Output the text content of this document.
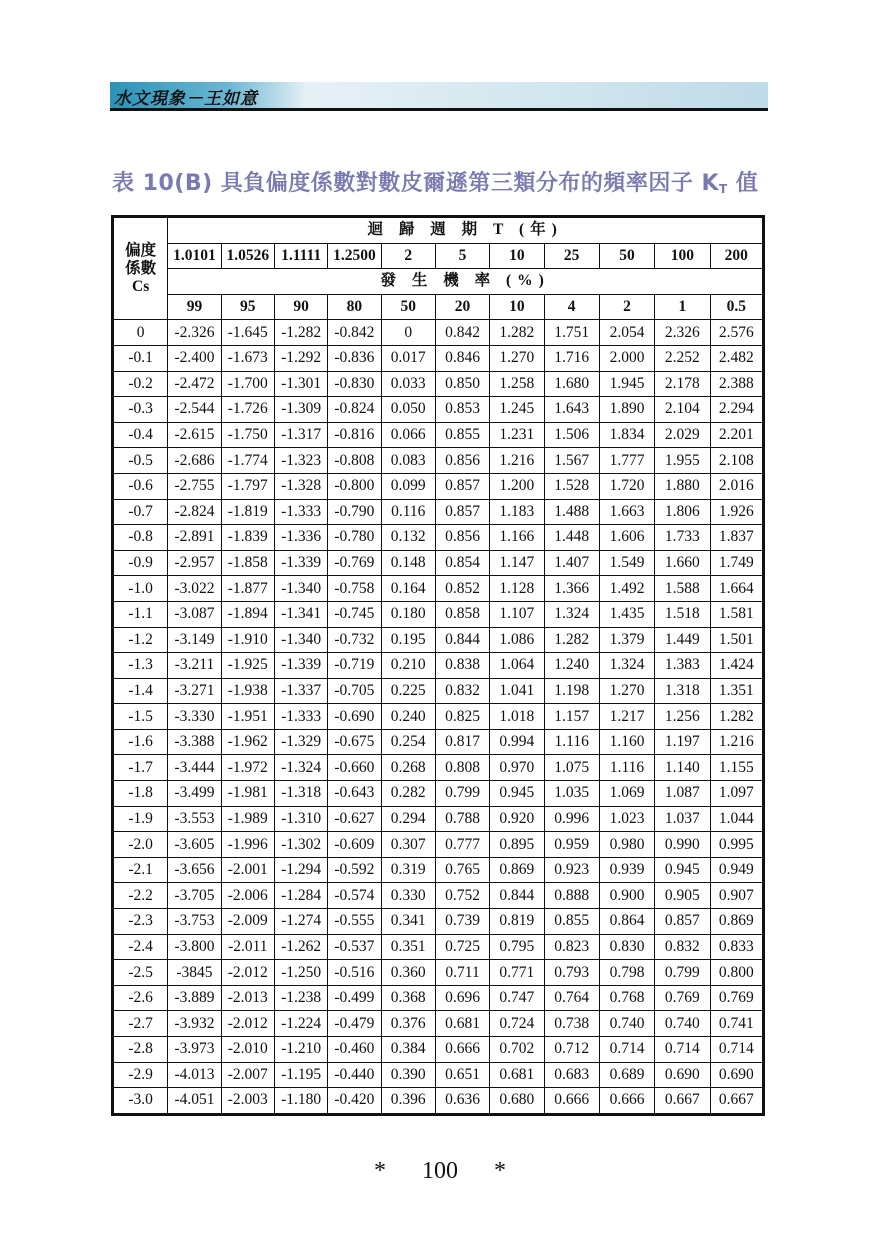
水文現象－王如意
表 10(B) 具負偏度係數對數皮爾遜第三類分布的頻率因子 $K_T$ 值
偏度
係數
Cs	迴 歸 週 期 T (年)										
	1.0101	1.0526	1.1111	1.2500	2	5	10	25	50	100	200
	發 生 機 率 (%)										
	99	95	90	80	50	20	10	4	2	1	0.5
0	-2.326	-1.645	-1.282	-0.842	0	0.842	1.282	1.751	2.054	2.326	2.576
-0.1	-2.400	-1.673	-1.292	-0.836	0.017	0.846	1.270	1.716	2.000	2.252	2.482
-0.2	-2.472	-1.700	-1.301	-0.830	0.033	0.850	1.258	1.680	1.945	2.178	2.388
-0.3	-2.544	-1.726	-1.309	-0.824	0.050	0.853	1.245	1.643	1.890	2.104	2.294
-0.4	-2.615	-1.750	-1.317	-0.816	0.066	0.855	1.231	1.506	1.834	2.029	2.201
-0.5	-2.686	-1.774	-1.323	-0.808	0.083	0.856	1.216	1.567	1.777	1.955	2.108
-0.6	-2.755	-1.797	-1.328	-0.800	0.099	0.857	1.200	1.528	1.720	1.880	2.016
-0.7	-2.824	-1.819	-1.333	-0.790	0.116	0.857	1.183	1.488	1.663	1.806	1.926
-0.8	-2.891	-1.839	-1.336	-0.780	0.132	0.856	1.166	1.448	1.606	1.733	1.837
-0.9	-2.957	-1.858	-1.339	-0.769	0.148	0.854	1.147	1.407	1.549	1.660	1.749
-1.0	-3.022	-1.877	-1.340	-0.758	0.164	0.852	1.128	1.366	1.492	1.588	1.664
-1.1	-3.087	-1.894	-1.341	-0.745	0.180	0.858	1.107	1.324	1.435	1.518	1.581
-1.2	-3.149	-1.910	-1.340	-0.732	0.195	0.844	1.086	1.282	1.379	1.449	1.501
-1.3	-3.211	-1.925	-1.339	-0.719	0.210	0.838	1.064	1.240	1.324	1.383	1.424
-1.4	-3.271	-1.938	-1.337	-0.705	0.225	0.832	1.041	1.198	1.270	1.318	1.351
-1.5	-3.330	-1.951	-1.333	-0.690	0.240	0.825	1.018	1.157	1.217	1.256	1.282
-1.6	-3.388	-1.962	-1.329	-0.675	0.254	0.817	0.994	1.116	1.160	1.197	1.216
-1.7	-3.444	-1.972	-1.324	-0.660	0.268	0.808	0.970	1.075	1.116	1.140	1.155
-1.8	-3.499	-1.981	-1.318	-0.643	0.282	0.799	0.945	1.035	1.069	1.087	1.097
-1.9	-3.553	-1.989	-1.310	-0.627	0.294	0.788	0.920	0.996	1.023	1.037	1.044
-2.0	-3.605	-1.996	-1.302	-0.609	0.307	0.777	0.895	0.959	0.980	0.990	0.995
-2.1	-3.656	-2.001	-1.294	-0.592	0.319	0.765	0.869	0.923	0.939	0.945	0.949
-2.2	-3.705	-2.006	-1.284	-0.574	0.330	0.752	0.844	0.888	0.900	0.905	0.907
-2.3	-3.753	-2.009	-1.274	-0.555	0.341	0.739	0.819	0.855	0.864	0.857	0.869
-2.4	-3.800	-2.011	-1.262	-0.537	0.351	0.725	0.795	0.823	0.830	0.832	0.833
-2.5	-3845	-2.012	-1.250	-0.516	0.360	0.711	0.771	0.793	0.798	0.799	0.800
-2.6	-3.889	-2.013	-1.238	-0.499	0.368	0.696	0.747	0.764	0.768	0.769	0.769
-2.7	-3.932	-2.012	-1.224	-0.479	0.376	0.681	0.724	0.738	0.740	0.740	0.741
-2.8	-3.973	-2.010	-1.210	-0.460	0.384	0.666	0.702	0.712	0.714	0.714	0.714
-2.9	-4.013	-2.007	-1.195	-0.440	0.390	0.651	0.681	0.683	0.689	0.690	0.690
-3.0	-4.051	-2.003	-1.180	-0.420	0.396	0.636	0.680	0.666	0.666	0.667	0.667
* 100 *
